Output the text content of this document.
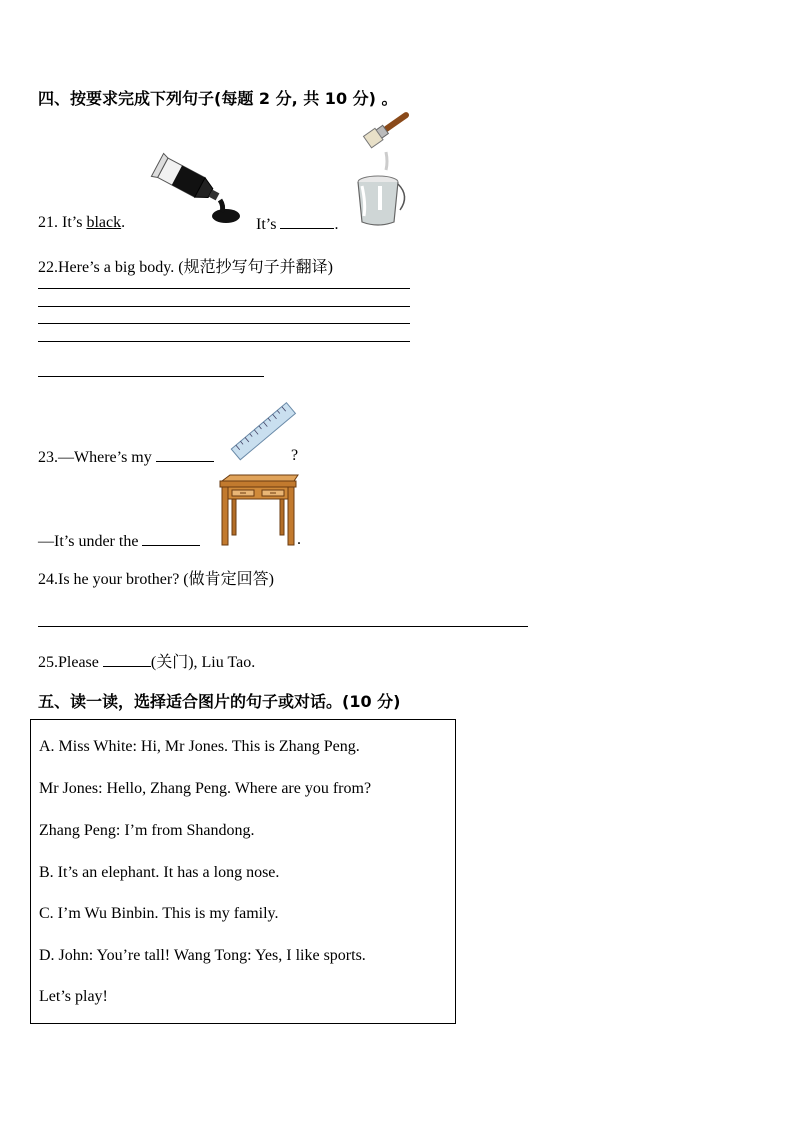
四、按要求完成下列句子(每题 2 分, 共 10 分) 。
21. It’s black.	It’s	.
22.Here’s a big body. (规范抄写句子并翻译)
23.—Where’s my	?
—It’s under the	.
24.Is he your brother? (做肯定回答)
25.Please	(关门), Liu Tao.
五、读一读，选择适合图片的句子或对话。(10 分)
A. Miss White: Hi, Mr Jones. This is Zhang Peng.
Mr Jones: Hello, Zhang Peng. Where are you from?
Zhang Peng: I’m from Shandong.
B. It’s an elephant. It has a long nose.
C. I’m Wu Binbin. This is my family.
D. John: You’re tall! Wang Tong: Yes, I like sports.
Let’s play!
